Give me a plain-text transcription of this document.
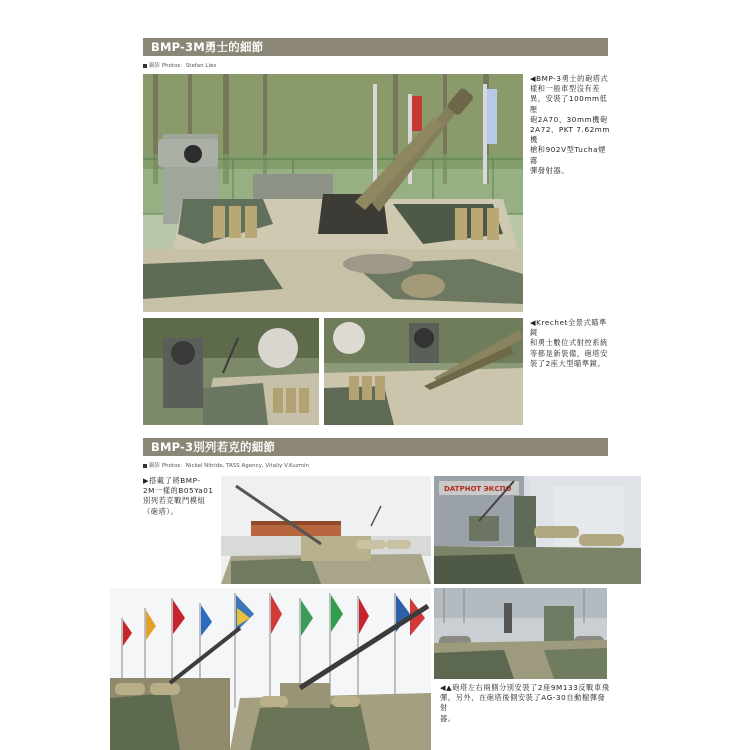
BMP-3M勇士的細節
攝影 Photos：Stefan Lies
◀BMP-3勇士的砲塔式
樣和一般車型沒有差
異，安裝了100mm低壓
砲2A70、30mm機砲
2A72、PKT 7.62mm機
槍和902V型Tucha煙霧
彈發射器。
◀Krechet全景式瞄準鏡
和勇士數位式射控系統
等都是新裝備，砲塔安
裝了2座大型瞄準鏡。
BMP-3別列若克的細節
攝影 Photos：Nickel Nitride, TASS Agency, Vitaliy V.Kuzmin
▶搭載了將BMP-
2M一樣的B05Ya01
別列若克戰鬥模組
（砲塔）。
DATPHOT ЭКСПО
◀▲砲塔左右兩側分別安裝了2座9M133反戰車飛
彈。另外，在砲塔後側安裝了AG-30自動榴彈發射
器。
